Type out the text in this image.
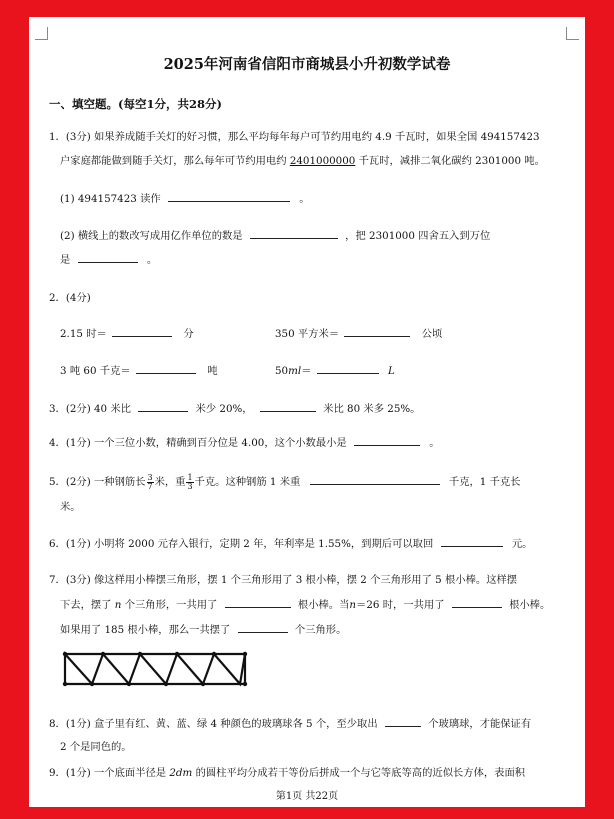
2025年河南省信阳市商城县小升初数学试卷
一、填空题。(每空1分，共28分)
1．(3分) 如果养成随手关灯的好习惯，那么平均每年每户可节约用电约 4.9 千瓦时，如果全国 494157423
户家庭都能做到随手关灯，那么每年可节约用电约 2401000000 千瓦时，减排二氧化碳约 2301000 吨。
(1) 494157423 读作	。
(2) 横线上的数改写成用亿作单位的数是	，把 2301000 四舍五入到万位
是	。
2．(4分)
2.15 时＝	分	350 平方米＝	公顷
3 吨 60 千克＝	吨	50ml＝	L
3．(2分) 40 米比	米少 20%，	米比 80 米多 25%。
4．(1分) 一个三位小数，精确到百分位是 4.00，这个小数最小是	。
5．(2分) 一种钢筋长 $\frac{3}{7}$ 米，重 $\frac{1}{3}$ 千克。这种钢筋 1 米重	千克，1 千克长
米。
6．(1分) 小明将 2000 元存入银行，定期 2 年，年利率是 1.55%，到期后可以取回	元。
7．(3分) 像这样用小棒摆三角形，摆 1 个三角形用了 3 根小棒，摆 2 个三角形用了 5 根小棒。这样摆
下去，摆了 n 个三角形，一共用了	根小棒。当n＝26 时，一共用了	根小棒。
如果用了 185 根小棒，那么一共摆了	个三角形。
8．(1分) 盒子里有红、黄、蓝、绿 4 种颜色的玻璃球各 5 个，至少取出	个玻璃球，才能保证有
2 个是同色的。
9．(1分) 一个底面半径是 2dm 的圆柱平均分成若干等份后拼成一个与它等底等高的近似长方体，表面积
第1页 共22页
